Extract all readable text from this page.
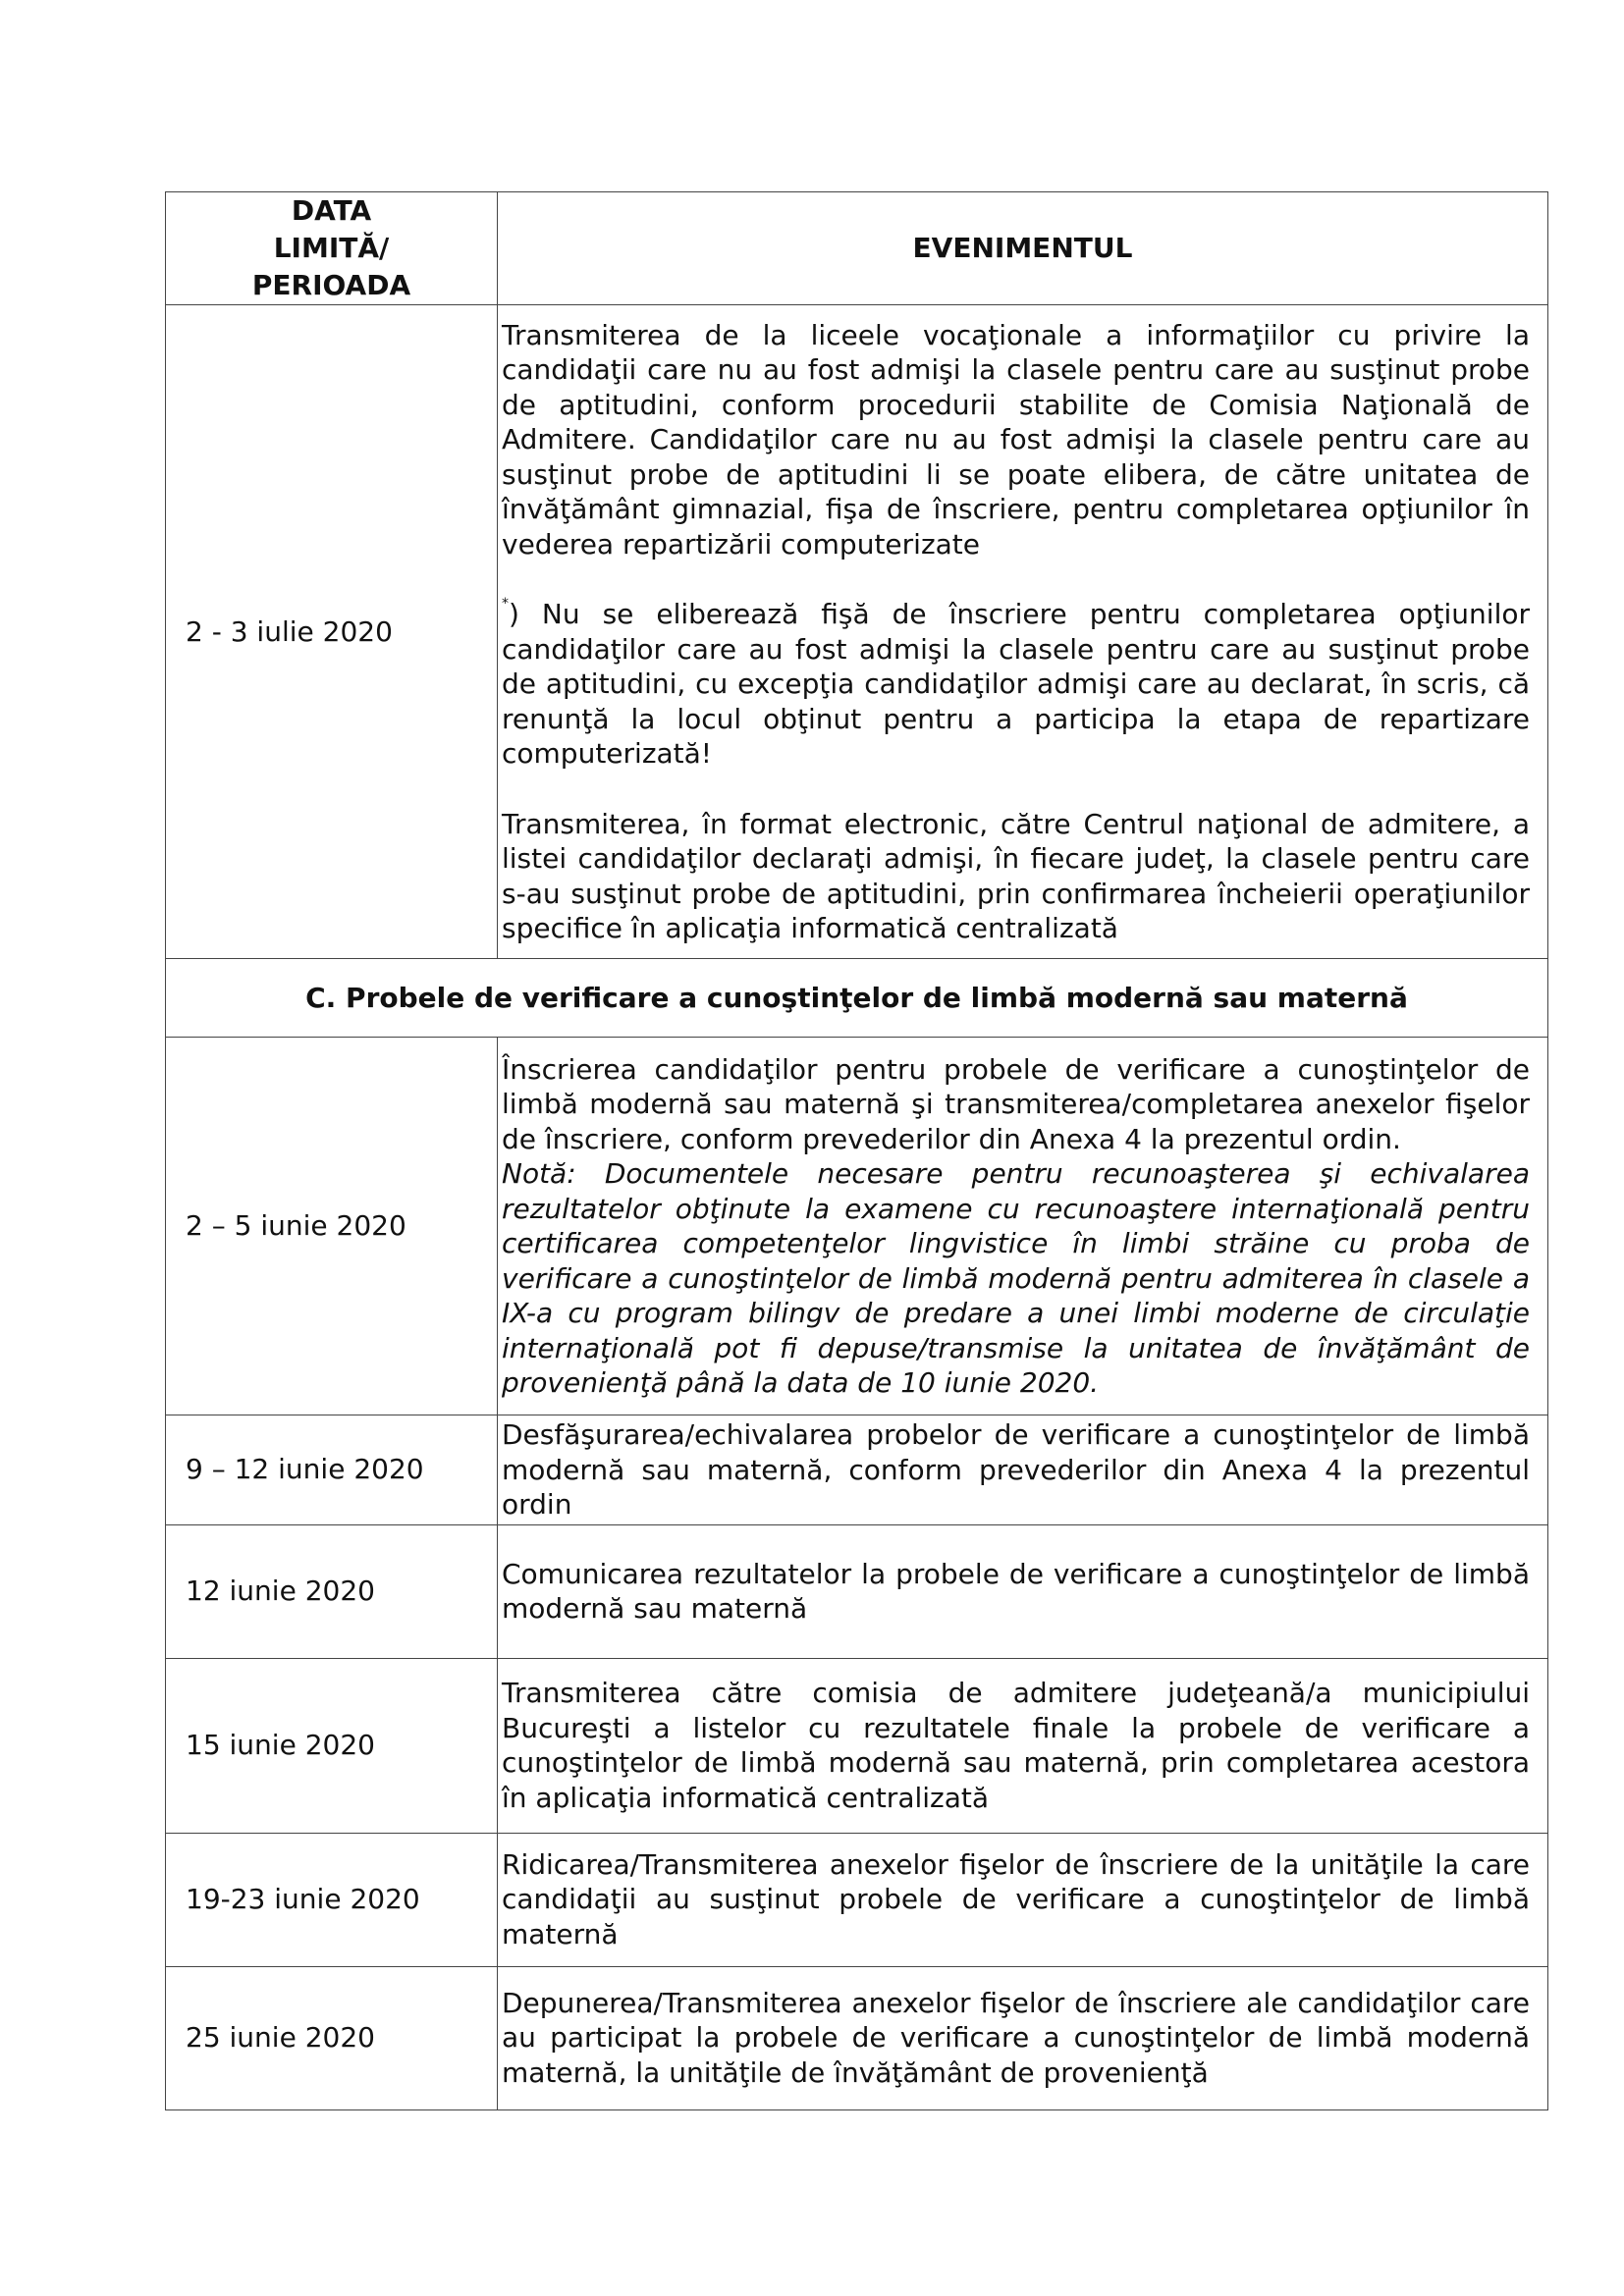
DATA LIMITĂ/ PERIOADA	EVENIMENTUL

2 - 3 iulie 2020	Transmiterea de la liceele vocaţionale a informaţiilor cu privire la candidaţii care nu au fost admişi la clasele pentru care au susţinut probe de aptitudini, conform procedurii stabilite de Comisia Naţională de Admitere. Candidaţilor care nu au fost admişi la clasele pentru care au susţinut probe de aptitudini li se poate elibera, de către unitatea de învăţământ gimnazial, fişa de înscriere, pentru completarea opţiunilor în vederea repartizării computerizate

*) Nu se eliberează fişă de înscriere pentru completarea opţiunilor candidaţilor care au fost admişi la clasele pentru care au susţinut probe de aptitudini, cu excepţia candidaţilor admişi care au declarat, în scris, că renunţă la locul obţinut pentru a participa la etapa de repartizare computerizată!

Transmiterea, în format electronic, către Centrul naţional de admitere, a listei candidaţilor declaraţi admişi, în fiecare judeţ, la clasele pentru care s-au susţinut probe de aptitudini, prin confirmarea încheierii operaţiunilor specifice în aplicaţia informatică centralizată

C. Probele de verificare a cunoştinţelor de limbă modernă sau maternă	
2 – 5 iunie 2020	Înscrierea candidaţilor pentru probele de verificare a cunoştinţelor de limbă modernă sau maternă şi transmiterea/completarea anexelor fişelor de înscriere, conform prevederilor din Anexa 4 la prezentul ordin.

Notă: Documentele necesare pentru recunoaşterea şi echivalarea rezultatelor obţinute la examene cu recunoaştere internaţională pentru certificarea competenţelor lingvistice în limbi străine cu proba de verificare a cunoştinţelor de limbă modernă pentru admiterea în clasele a IX-a cu program bilingv de predare a unei limbi moderne de circulaţie internaţională pot fi depuse/transmise la unitatea de învăţământ de provenienţă până la data de 10 iunie 2020.

9 – 12 iunie 2020	Desfăşurarea/echivalarea probelor de verificare a cunoştinţelor de limbă modernă sau maternă, conform prevederilor din Anexa 4 la prezentul ordin
12 iunie 2020	Comunicarea rezultatelor la probele de verificare a cunoştinţelor de limbă modernă sau maternă
15 iunie 2020	Transmiterea către comisia de admitere judeţeană/a municipiului Bucureşti a listelor cu rezultatele finale la probele de verificare a cunoştinţelor de limbă modernă sau maternă, prin completarea acestora în aplicaţia informatică centralizată
19-23 iunie 2020	Ridicarea/Transmiterea anexelor fişelor de înscriere de la unităţile la care candidaţii au susţinut probele de verificare a cunoştinţelor de limbă maternă
25 iunie 2020	Depunerea/Transmiterea anexelor fişelor de înscriere ale candidaţilor care au participat la probele de verificare a cunoştinţelor de limbă modernă maternă, la unităţile de învăţământ de provenienţă
